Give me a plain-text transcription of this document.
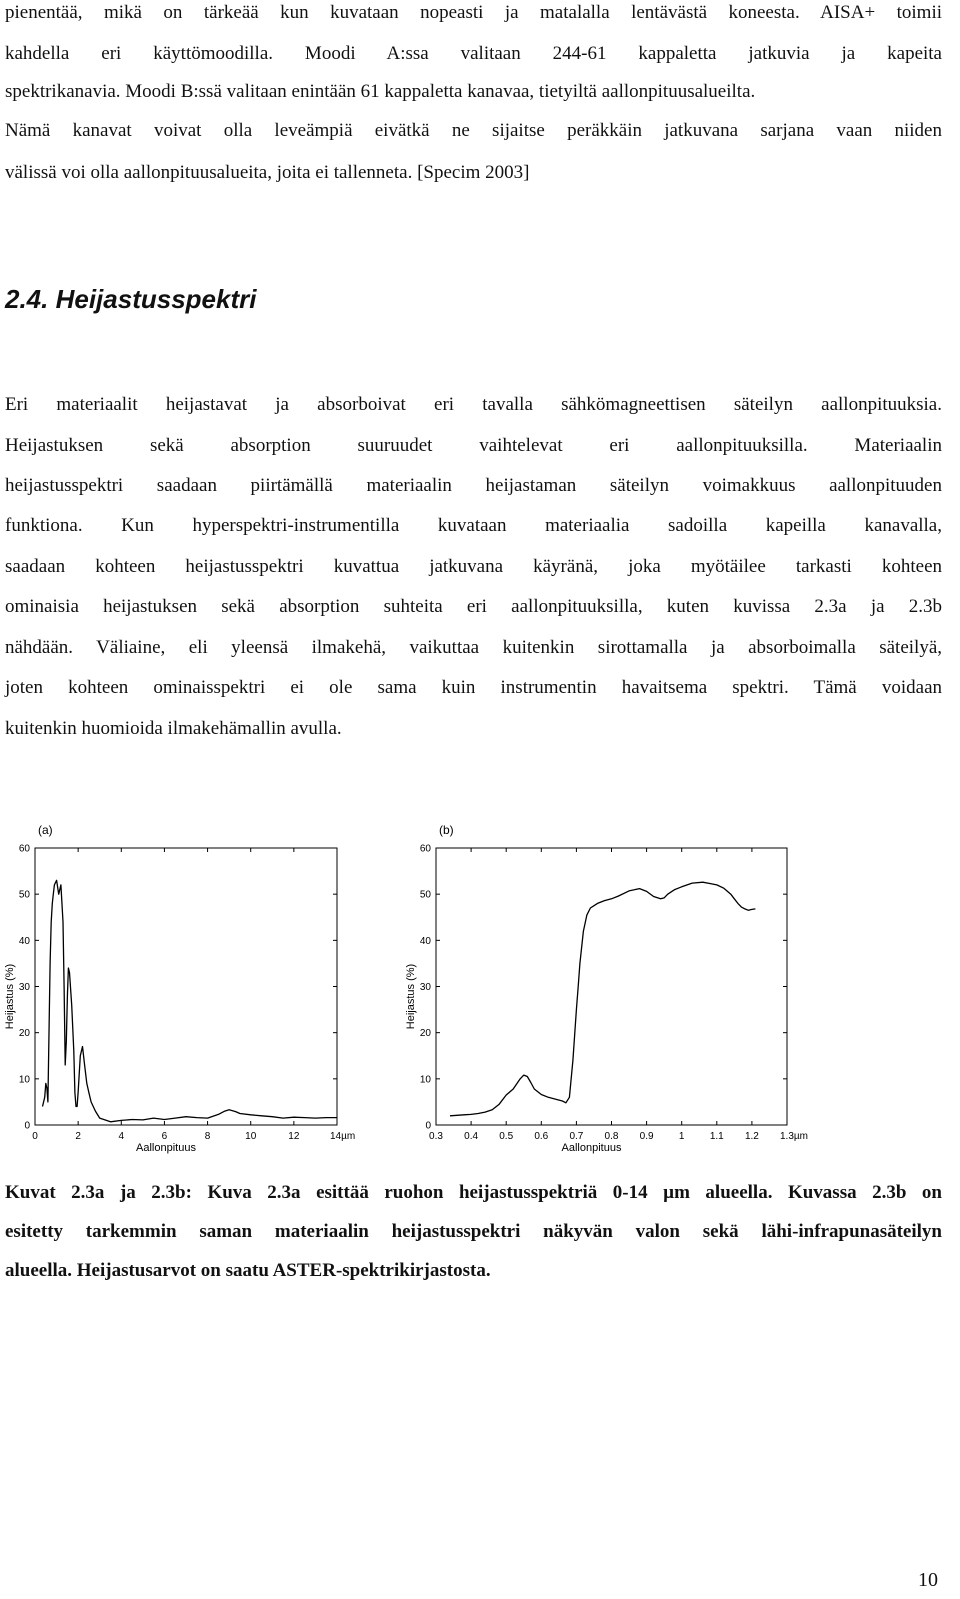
pienentää, mikä on tärkeää kun kuvataan nopeasti ja matalalla lentävästä koneesta. AISA+ toimii
kahdella eri käyttömoodilla. Moodi A:ssa valitaan 244-61 kappaletta jatkuvia ja kapeita
spektrikanavia. Moodi B:ssä valitaan enintään 61 kappaletta kanavaa, tietyiltä aallonpituusalueilta.
Nämä kanavat voivat olla leveämpiä eivätkä ne sijaitse peräkkäin jatkuvana sarjana vaan niiden
välissä voi olla aallonpituusalueita, joita ei tallenneta. [Specim 2003]
2.4. Heijastusspektri
Eri materiaalit heijastavat ja absorboivat eri tavalla sähkömagneettisen säteilyn aallonpituuksia.
Heijastuksen sekä absorption suuruudet vaihtelevat eri aallonpituuksilla. Materiaalin
heijastusspektri saadaan piirtämällä materiaalin heijastaman säteilyn voimakkuus aallonpituuden
funktiona. Kun hyperspektri-instrumentilla kuvataan materiaalia sadoilla kapeilla kanavalla,
saadaan kohteen heijastusspektri kuvattua jatkuvana käyränä, joka myötäilee tarkasti kohteen
ominaisia heijastuksen sekä absorption suhteita eri aallonpituuksilla, kuten kuvissa 2.3a ja 2.3b
nähdään. Väliaine, eli yleensä ilmakehä, vaikuttaa kuitenkin sirottamalla ja absorboimalla säteilyä,
joten kohteen ominaisspektri ei ole sama kuin instrumentin havaitsema spektri. Tämä voidaan
kuitenkin huomioida ilmakehämallin avulla.
0
10
20
30
40
50
60
0	2	4	6	8	10	12	14µm
Aallonpituus
Heijastus (%)
(a)
0
10
20
30
40
50
60
0.3 0.4 0.5 0.6 0.7 0.8 0.9	1	1.1 1.2 1.3µm
Aallonpituus
Heijastus (%)
(b)
Kuvat 2.3a ja 2.3b: Kuva 2.3a esittää ruohon heijastusspektriä 0-14 µm alueella. Kuvassa 2.3b on
esitetty tarkemmin saman materiaalin heijastusspektri näkyvän valon sekä lähi-infrapunasäteilyn
alueella. Heijastusarvot on saatu ASTER-spektrikirjastosta.
10
